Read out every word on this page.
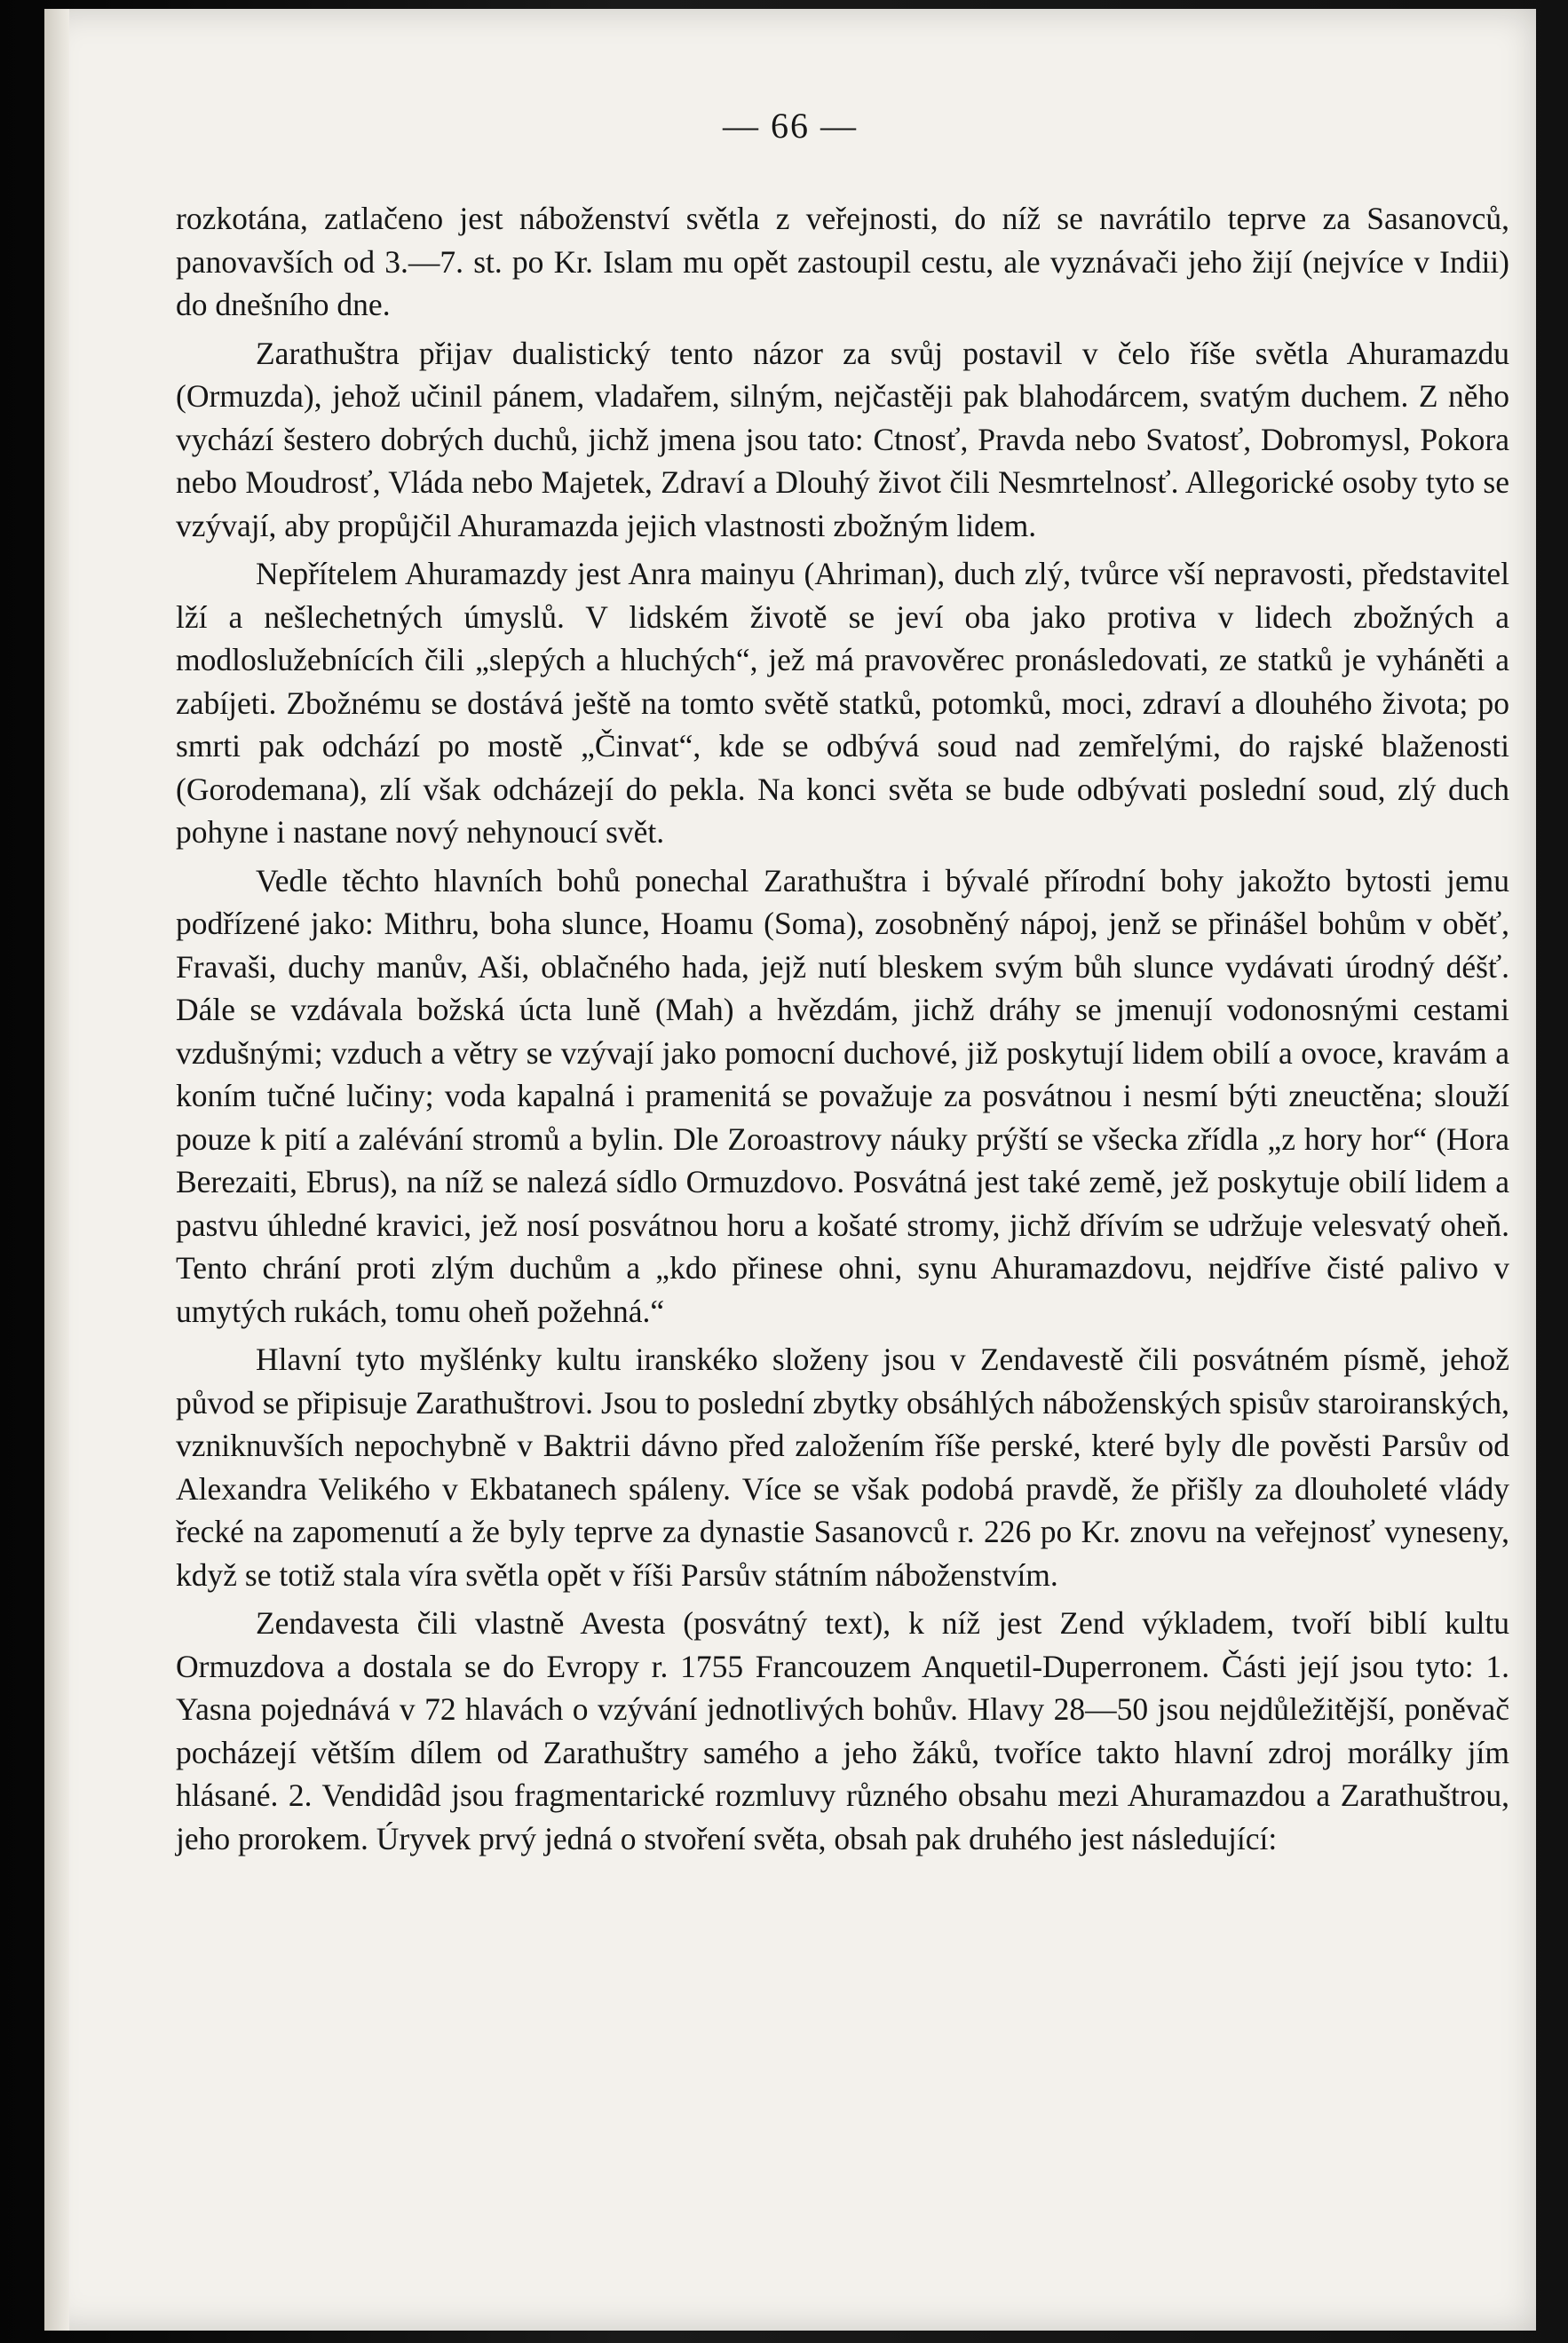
— 66 —

rozkotána, zatlačeno jest náboženství světla z veřejnosti, do níž se navrátilo teprve za Sasanovců, panovavších od 3.—7. st. po Kr. Islam mu opět zastoupil cestu, ale vyznávači jeho žijí (nejvíce v Indii) do dnešního dne.

Zarathuštra přijav dualistický tento názor za svůj postavil v čelo říše světla Ahuramazdu (Ormuzda), jehož učinil pánem, vladařem, silným, nejčastěji pak blahodárcem, svatým duchem. Z něho vychází šestero dobrých duchů, jichž jmena jsou tato: Ctnosť, Pravda nebo Svatosť, Dobromysl, Pokora nebo Moudrosť, Vláda nebo Majetek, Zdraví a Dlouhý život čili Nesmrtelnosť. Allegorické osoby tyto se vzývají, aby propůjčil Ahuramazda jejich vlastnosti zbožným lidem.

Nepřítelem Ahuramazdy jest Anra mainyu (Ahriman), duch zlý, tvůrce vší nepravosti, představitel lží a nešlechetných úmyslů. V lidském životě se jeví oba jako protiva v lidech zbožných a modloslužebnících čili „slepých a hluchých“, jež má pravověrec pronásledovati, ze statků je vyháněti a zabíjeti. Zbožnému se dostává ještě na tomto světě statků, potomků, moci, zdraví a dlouhého života; po smrti pak odchází po mostě „Činvat“, kde se odbývá soud nad zemřelými, do rajské blaženosti (Gorodemana), zlí však odcházejí do pekla. Na konci světa se bude odbývati poslední soud, zlý duch pohyne i nastane nový nehynoucí svět.

Vedle těchto hlavních bohů ponechal Zarathuštra i bývalé přírodní bohy jakožto bytosti jemu podřízené jako: Mithru, boha slunce, Hoamu (Soma), zosobněný nápoj, jenž se přinášel bohům v oběť, Fravaši, duchy manův, Aši, oblačného hada, jejž nutí bleskem svým bůh slunce vydávati úrodný déšť. Dále se vzdávala božská úcta luně (Mah) a hvězdám, jichž dráhy se jmenují vodonosnými cestami vzdušnými; vzduch a větry se vzývají jako pomocní duchové, již poskytují lidem obilí a ovoce, kravám a koním tučné lučiny; voda kapalná i pramenitá se považuje za posvátnou i nesmí býti zneuctěna; slouží pouze k pití a zalévání stromů a bylin. Dle Zoroastrovy náuky prýští se všecka zřídla „z hory hor“ (Hora Berezaiti, Ebrus), na níž se nalezá sídlo Ormuzdovo. Posvátná jest také země, jež poskytuje obilí lidem a pastvu úhledné kravici, jež nosí posvátnou horu a košaté stromy, jichž dřívím se udržuje velesvatý oheň. Tento chrání proti zlým duchům a „kdo přinese ohni, synu Ahuramazdovu, nejdříve čisté palivo v umytých rukách, tomu oheň požehná.“

Hlavní tyto myšlénky kultu iranskéko složeny jsou v Zendavestě čili posvátném písmě, jehož původ se připisuje Zarathuštrovi. Jsou to poslední zbytky obsáhlých náboženských spisův staroiranských, vzniknuvších nepochybně v Baktrii dávno před založením říše perské, které byly dle pověsti Parsův od Alexandra Velikého v Ekbatanech spáleny. Více se však podobá pravdě, že přišly za dlouholeté vlády řecké na zapomenutí a že byly teprve za dynastie Sasanovců r. 226 po Kr. znovu na veřejnosť vyneseny, když se totiž stala víra světla opět v říši Parsův státním náboženstvím.

Zendavesta čili vlastně Avesta (posvátný text), k níž jest Zend výkladem, tvoří biblí kultu Ormuzdova a dostala se do Evropy r. 1755 Francouzem Anquetil-Duperronem. Části její jsou tyto: 1. Yasna pojednává v 72 hlavách o vzývání jednotlivých bohův. Hlavy 28—50 jsou nejdůležitější, poněvač pocházejí větším dílem od Zarathuštry samého a jeho žáků, tvoříce takto hlavní zdroj morálky jím hlásané. 2. Vendidâd jsou fragmentarické rozmluvy různého obsahu mezi Ahuramazdou a Zarathuštrou, jeho prorokem. Úryvek prvý jedná o stvoření světa, obsah pak druhého jest následující:
